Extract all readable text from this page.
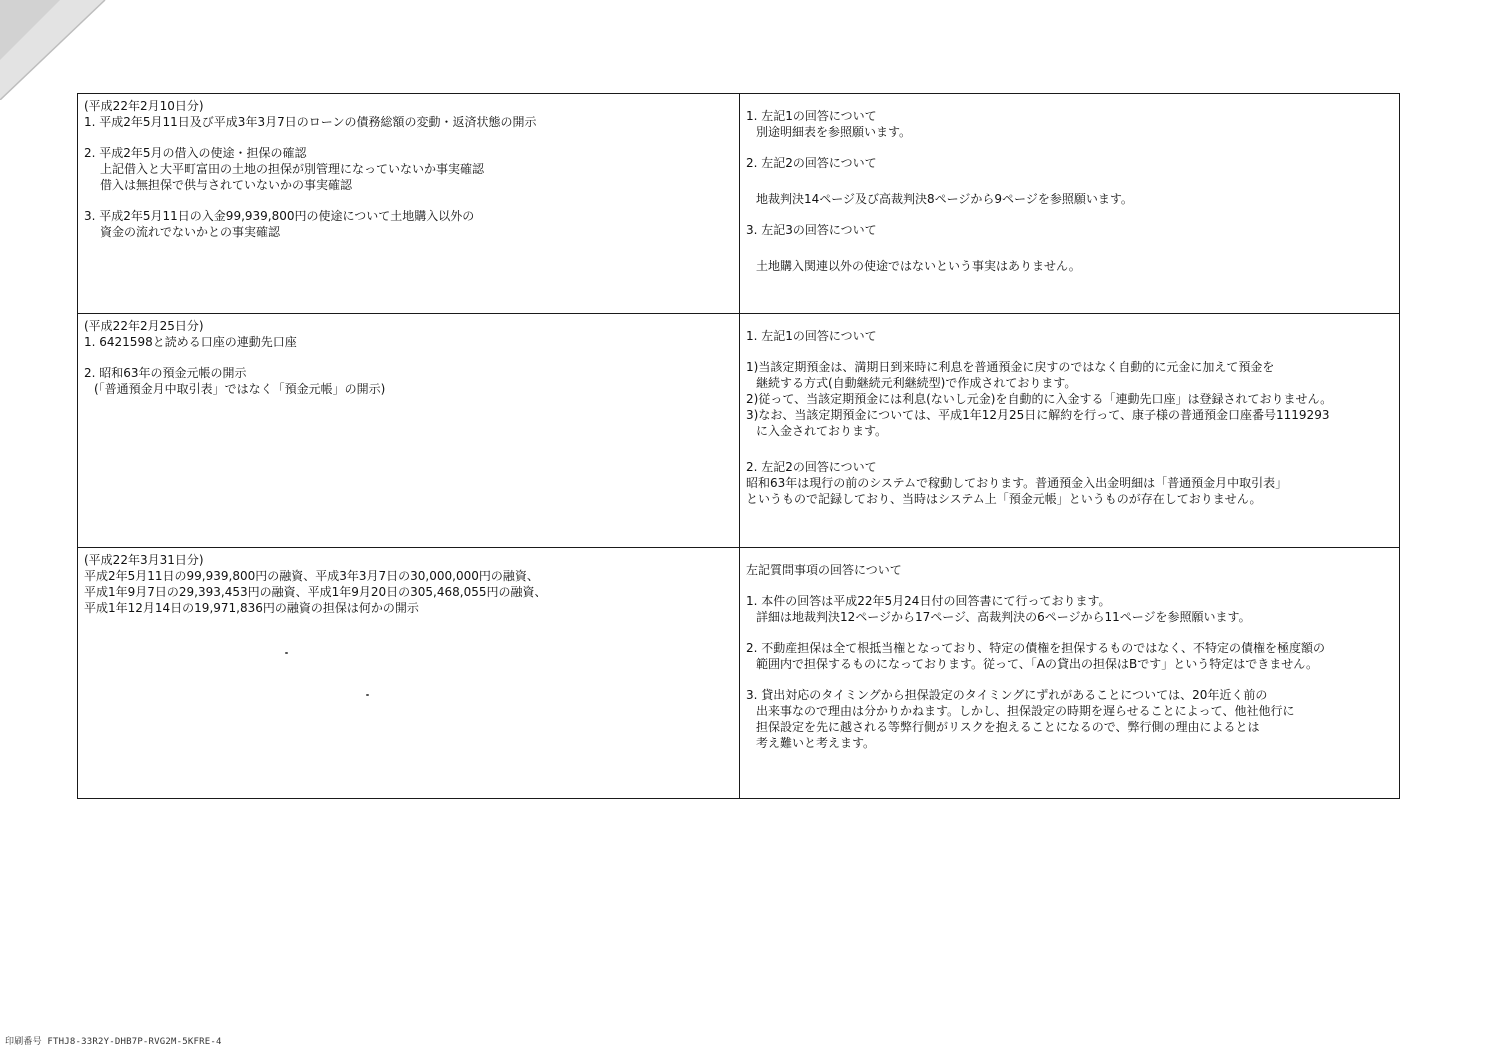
(平成22年2月10日分)
1. 平成2年5月11日及び平成3年3月7日のローンの債務総額の変動・返済状態の開示
2. 平成2年5月の借入の使途・担保の確認
上記借入と大平町富田の土地の担保が別管理になっていないか事実確認
借入は無担保で供与されていないかの事実確認
3. 平成2年5月11日の入金99,939,800円の使途について土地購入以外の
資金の流れでないかとの事実確認
1. 左記1の回答について
別途明細表を参照願います。
2. 左記2の回答について
地裁判決14ページ及び高裁判決8ページから9ページを参照願います。
3. 左記3の回答について
土地購入関連以外の使途ではないという事実はありません。
(平成22年2月25日分)
1. 6421598と読める口座の連動先口座
2. 昭和63年の預金元帳の開示
(「普通預金月中取引表」ではなく「預金元帳」の開示)
1. 左記1の回答について
1)当該定期預金は、満期日到来時に利息を普通預金に戻すのではなく自動的に元金に加えて預金を
継続する方式(自動継続元利継続型)で作成されております。
2)従って、当該定期預金には利息(ないし元金)を自動的に入金する「連動先口座」は登録されておりません。
3)なお、当該定期預金については、平成1年12月25日に解約を行って、康子様の普通預金口座番号1119293
に入金されております。
2. 左記2の回答について
昭和63年は現行の前のシステムで稼動しております。普通預金入出金明細は「普通預金月中取引表」
というもので記録しており、当時はシステム上「預金元帳」というものが存在しておりません。
(平成22年3月31日分)
平成2年5月11日の99,939,800円の融資、平成3年3月7日の30,000,000円の融資、
平成1年9月7日の29,393,453円の融資、平成1年9月20日の305,468,055円の融資、
平成1年12月14日の19,971,836円の融資の担保は何かの開示
左記質問事項の回答について
1. 本件の回答は平成22年5月24日付の回答書にて行っております。
詳細は地裁判決12ページから17ページ、高裁判決の6ページから11ページを参照願います。
2. 不動産担保は全て根抵当権となっており、特定の債権を担保するものではなく、不特定の債権を極度額の
範囲内で担保するものになっております。従って、「Aの貸出の担保はBです」という特定はできません。
3. 貸出対応のタイミングから担保設定のタイミングにずれがあることについては、20年近く前の
出来事なので理由は分かりかねます。しかし、担保設定の時期を遅らせることによって、他社他行に
担保設定を先に越される等弊行側がリスクを抱えることになるので、弊行側の理由によるとは
考え難いと考えます。
印刷番号 FTHJ8-33R2Y-DHB7P-RVG2M-5KFRE-4
